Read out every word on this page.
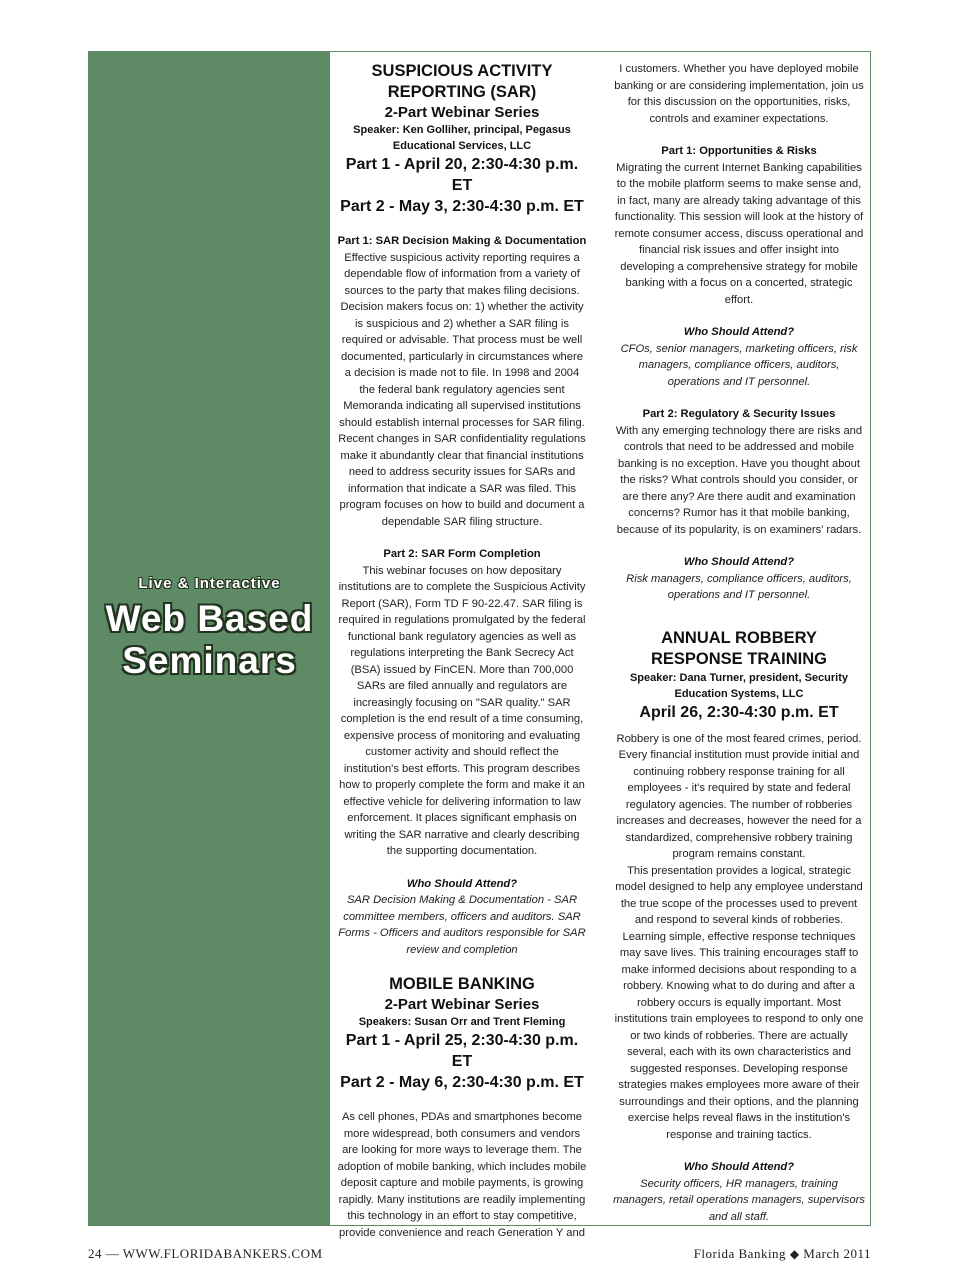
Live & Interactive
Web Based
Seminars
SUSPICIOUS ACTIVITY
REPORTING (SAR)
2-Part Webinar Series
Speaker: Ken Golliher, principal, Pegasus
Educational Services, LLC
Part 1 - April 20, 2:30-4:30 p.m. ET
Part 2 - May 3, 2:30-4:30 p.m. ET
Part 1: SAR Decision Making & Documentation
Effective suspicious activity reporting requires a dependable flow of information from a variety of sources to the party that makes filing decisions. Decision makers focus on: 1) whether the activity is suspicious and 2) whether a SAR filing is required or advisable. That process must be well documented, particularly in circumstances where a decision is made not to file. In 1998 and 2004 the federal bank regulatory agencies sent Memoranda indicating all supervised institutions should establish internal processes for SAR filing. Recent changes in SAR confidentiality regulations make it abundantly clear that financial institutions need to address security issues for SARs and information that indicate a SAR was filed. This program focuses on how to build and document a dependable SAR filing structure.
Part 2: SAR Form Completion
This webinar focuses on how depositary institutions are to complete the Suspicious Activity Report (SAR), Form TD F 90-22.47. SAR filing is required in regulations promulgated by the federal functional bank regulatory agencies as well as regulations interpreting the Bank Secrecy Act (BSA) issued by FinCEN. More than 700,000 SARs are filed annually and regulators are increasingly focusing on "SAR quality." SAR completion is the end result of a time consuming, expensive process of monitoring and evaluating customer activity and should reflect the institution's best efforts. This program describes how to properly complete the form and make it an effective vehicle for delivering information to law enforcement. It places significant emphasis on writing the SAR narrative and clearly describing the supporting documentation.
Who Should Attend?
SAR Decision Making & Documentation - SAR committee members, officers and auditors. SAR Forms - Officers and auditors responsible for SAR review and completion
MOBILE BANKING
2-Part Webinar Series
Speakers: Susan Orr and Trent Fleming
Part 1 - April 25, 2:30-4:30 p.m. ET
Part 2 - May 6, 2:30-4:30 p.m. ET
As cell phones, PDAs and smartphones become more widespread, both consumers and vendors are looking for more ways to leverage them. The adoption of mobile banking, which includes mobile deposit capture and mobile payments, is growing rapidly. Many institutions are readily implementing this technology in an effort to stay competitive, provide convenience and reach Generation Y and
I customers. Whether you have deployed mobile banking or are considering implementation, join us for this discussion on the opportunities, risks, controls and examiner expectations.
Part 1: Opportunities & Risks
Migrating the current Internet Banking capabilities to the mobile platform seems to make sense and, in fact, many are already taking advantage of this functionality. This session will look at the history of remote consumer access, discuss operational and financial risk issues and offer insight into developing a comprehensive strategy for mobile banking with a focus on a concerted, strategic effort.
Who Should Attend?
CFOs, senior managers, marketing officers, risk managers, compliance officers, auditors, operations and IT personnel.
Part 2: Regulatory & Security Issues
With any emerging technology there are risks and controls that need to be addressed and mobile banking is no exception. Have you thought about the risks? What controls should you consider, or are there any? Are there audit and examination concerns? Rumor has it that mobile banking, because of its popularity, is on examiners’ radars.
Who Should Attend?
Risk managers, compliance officers, auditors, operations and IT personnel.
ANNUAL ROBBERY
RESPONSE TRAINING
Speaker: Dana Turner, president, Security
Education Systems, LLC
April 26, 2:30-4:30 p.m. ET
Robbery is one of the most feared crimes, period. Every financial institution must provide initial and continuing robbery response training for all employees - it's required by state and federal regulatory agencies. The number of robberies increases and decreases, however the need for a standardized, comprehensive robbery training program remains constant.
This presentation provides a logical, strategic model designed to help any employee understand the true scope of the processes used to prevent and respond to several kinds of robberies. Learning simple, effective response techniques may save lives. This training encourages staff to make informed decisions about responding to a robbery. Knowing what to do during and after a robbery occurs is equally important. Most institutions train employees to respond to only one or two kinds of robberies. There are actually several, each with its own characteristics and suggested responses. Developing response strategies makes employees more aware of their surroundings and their options, and the planning exercise helps reveal flaws in the institution's response and training tactics.
Who Should Attend?
Security officers, HR managers, training managers, retail operations managers, supervisors and all staff.
24 — WWW.FLORIDABANKERS.COM	Florida Banking ◆ March 2011
